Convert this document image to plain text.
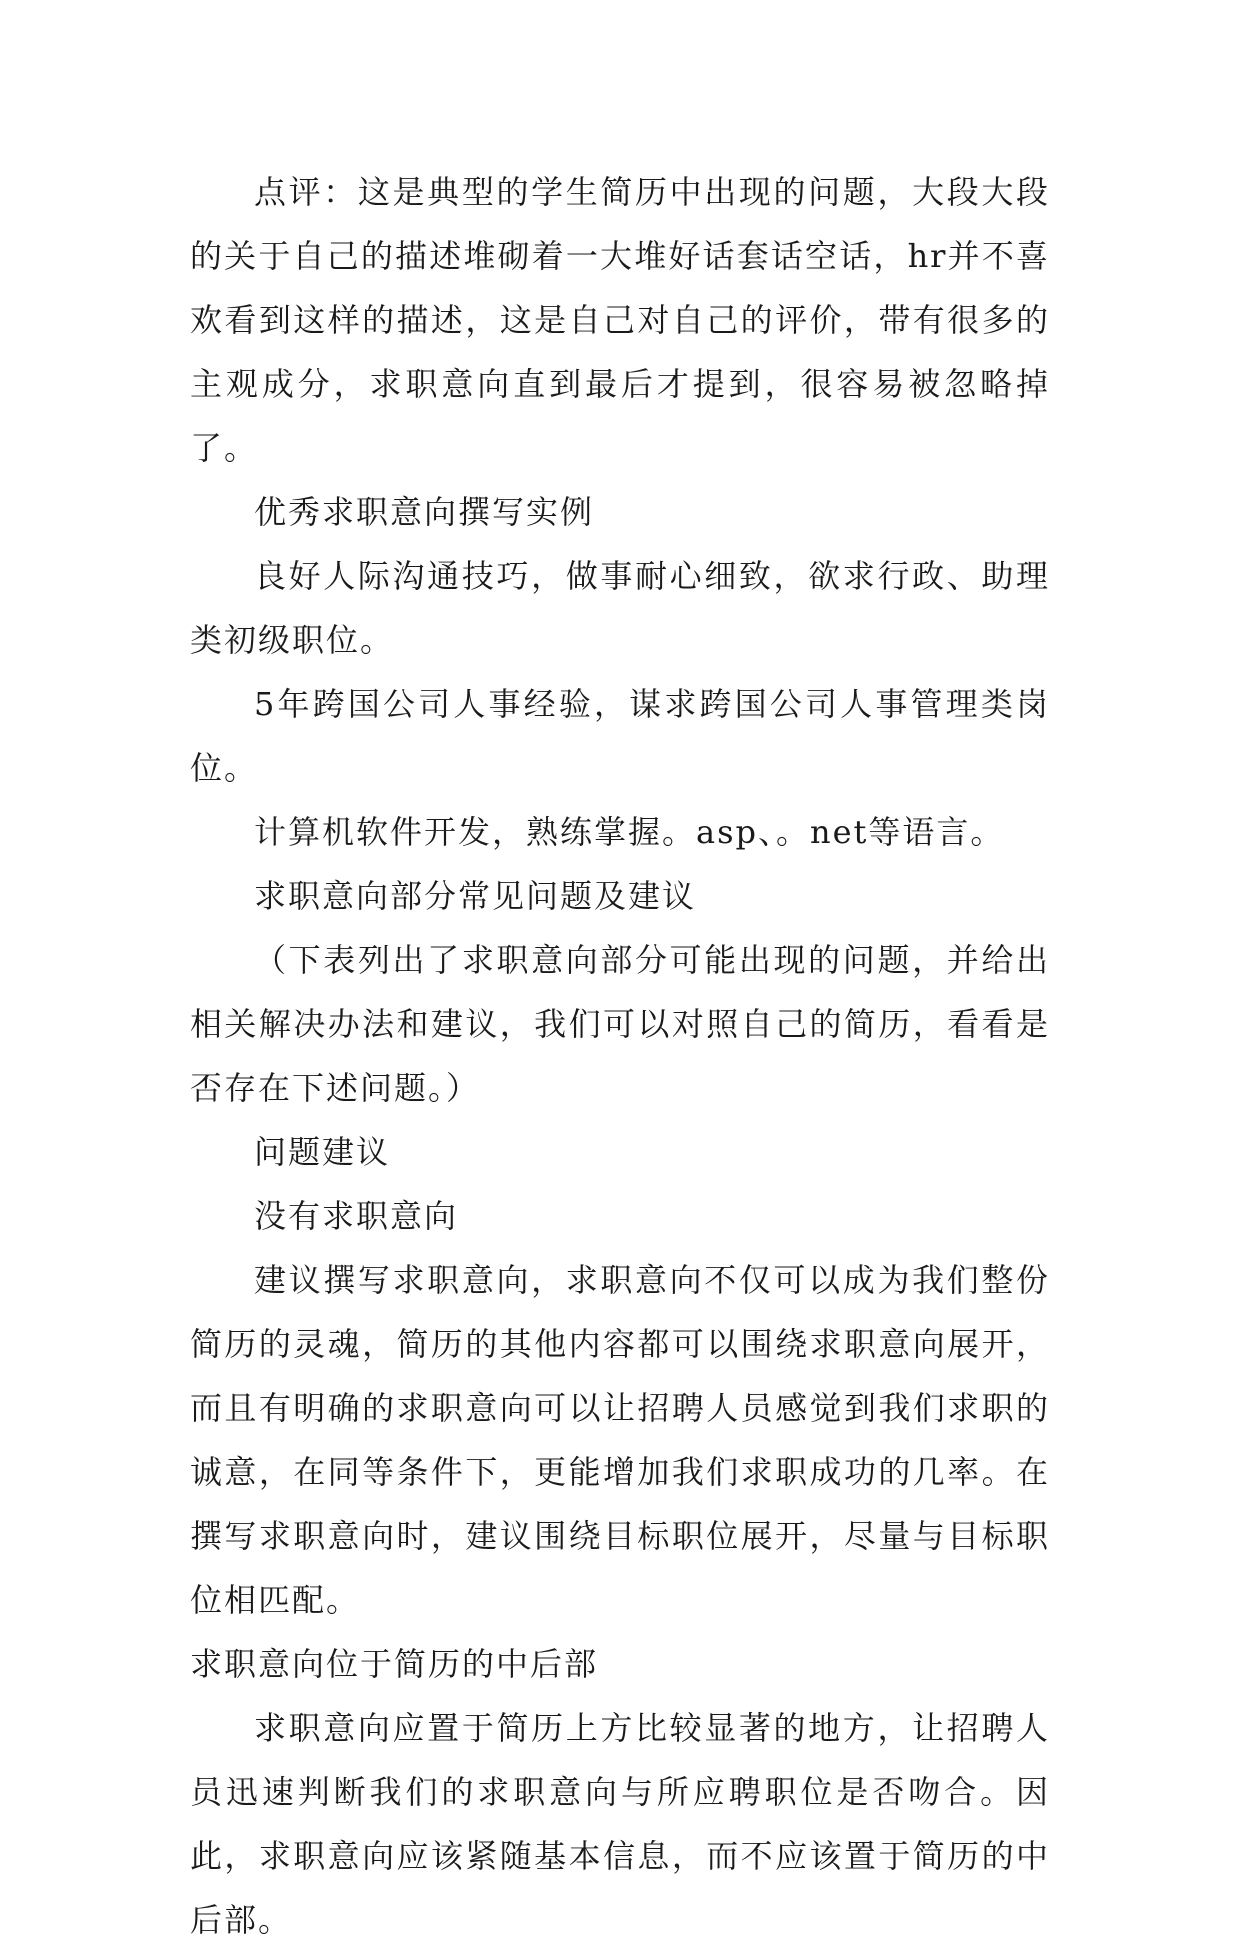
点评：这是典型的学生简历中出现的问题，大段大段的关于自己的描述堆砌着一大堆好话套话空话，hr并不喜欢看到这样的描述，这是自己对自己的评价，带有很多的主观成分，求职意向直到最后才提到，很容易被忽略掉了。

优秀求职意向撰写实例

良好人际沟通技巧，做事耐心细致，欲求行政、助理类初级职位。

5年跨国公司人事经验，谋求跨国公司人事管理类岗位。

计算机软件开发，熟练掌握。asp、。net等语言。

求职意向部分常见问题及建议

（下表列出了求职意向部分可能出现的问题，并给出相关解决办法和建议，我们可以对照自己的简历，看看是否存在下述问题。）

问题建议

没有求职意向

建议撰写求职意向，求职意向不仅可以成为我们整份简历的灵魂，简历的其他内容都可以围绕求职意向展开，而且有明确的求职意向可以让招聘人员感觉到我们求职的诚意，在同等条件下，更能增加我们求职成功的几率。在撰写求职意向时，建议围绕目标职位展开，尽量与目标职位相匹配。

求职意向位于简历的中后部

求职意向应置于简历上方比较显著的地方，让招聘人员迅速判断我们的求职意向与所应聘职位是否吻合。因此，求职意向应该紧随基本信息，而不应该置于简历的中后部。
